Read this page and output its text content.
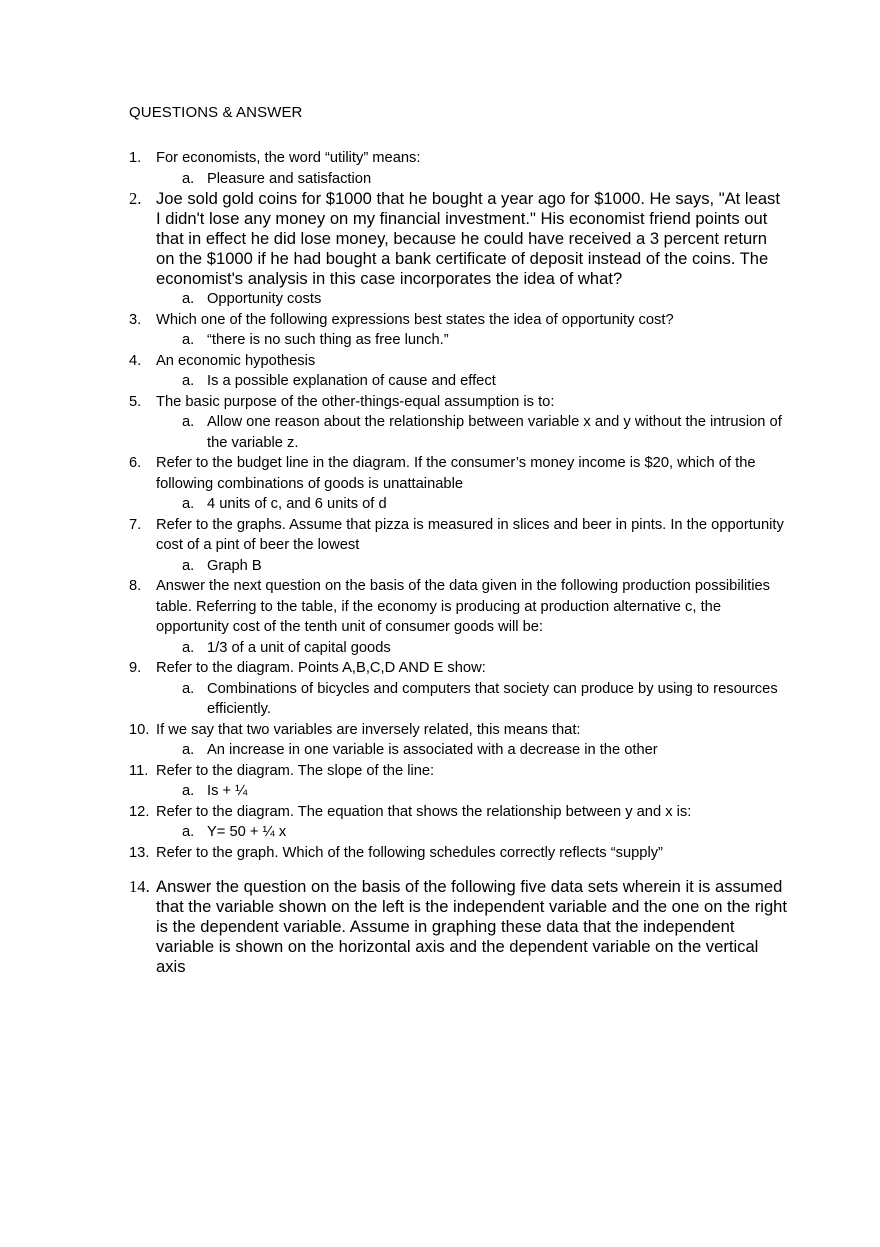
QUESTIONS & ANSWER
1. For economists, the word “utility” means:
a. Pleasure and satisfaction
2. Joe sold gold coins for $1000 that he bought a year ago for $1000. He says, "At least I didn't lose any money on my financial investment." His economist friend points out that in effect he did lose money, because he could have received a 3 percent return on the $1000 if he had bought a bank certificate of deposit instead of the coins. The economist's analysis in this case incorporates the idea of what?
a. Opportunity costs
3. Which one of the following expressions best states the idea of opportunity cost?
a. “there is no such thing as free lunch.”
4. An economic hypothesis
a. Is a possible explanation of cause and effect
5. The basic purpose of the other-things-equal assumption is to:
a. Allow one reason about the relationship between variable x and y without the intrusion of the variable z.
6. Refer to the budget line in the diagram. If the consumer’s money income is $20, which of the following combinations of goods is unattainable
a. 4 units of c, and 6 units of d
7. Refer to the graphs. Assume that pizza is measured in slices and beer in pints. In the opportunity cost of a pint of beer the lowest
a. Graph B
8. Answer the next question on the basis of the data given in the following production possibilities table. Referring to the table, if the economy is producing at production alternative c, the opportunity cost of the tenth unit of consumer goods will be:
a. 1/3 of a unit of capital goods
9. Refer to the diagram. Points A,B,C,D AND E show:
a. Combinations of bicycles and computers that society can produce by using to resources efficiently.
10. If we say that two variables are inversely related, this means that:
a. An increase in one variable is associated with a decrease in the other
11. Refer to the diagram. The slope of the line:
a. Is + ¼
12. Refer to the diagram. The equation that shows the relationship between y and x is:
a. Y= 50 + ¼ x
13. Refer to the graph. Which of the following schedules correctly reflects “supply”
14. Answer the question on the basis of the following five data sets wherein it is assumed that the variable shown on the left is the independent variable and the one on the right is the dependent variable. Assume in graphing these data that the independent variable is shown on the horizontal axis and the dependent variable on the vertical axis
